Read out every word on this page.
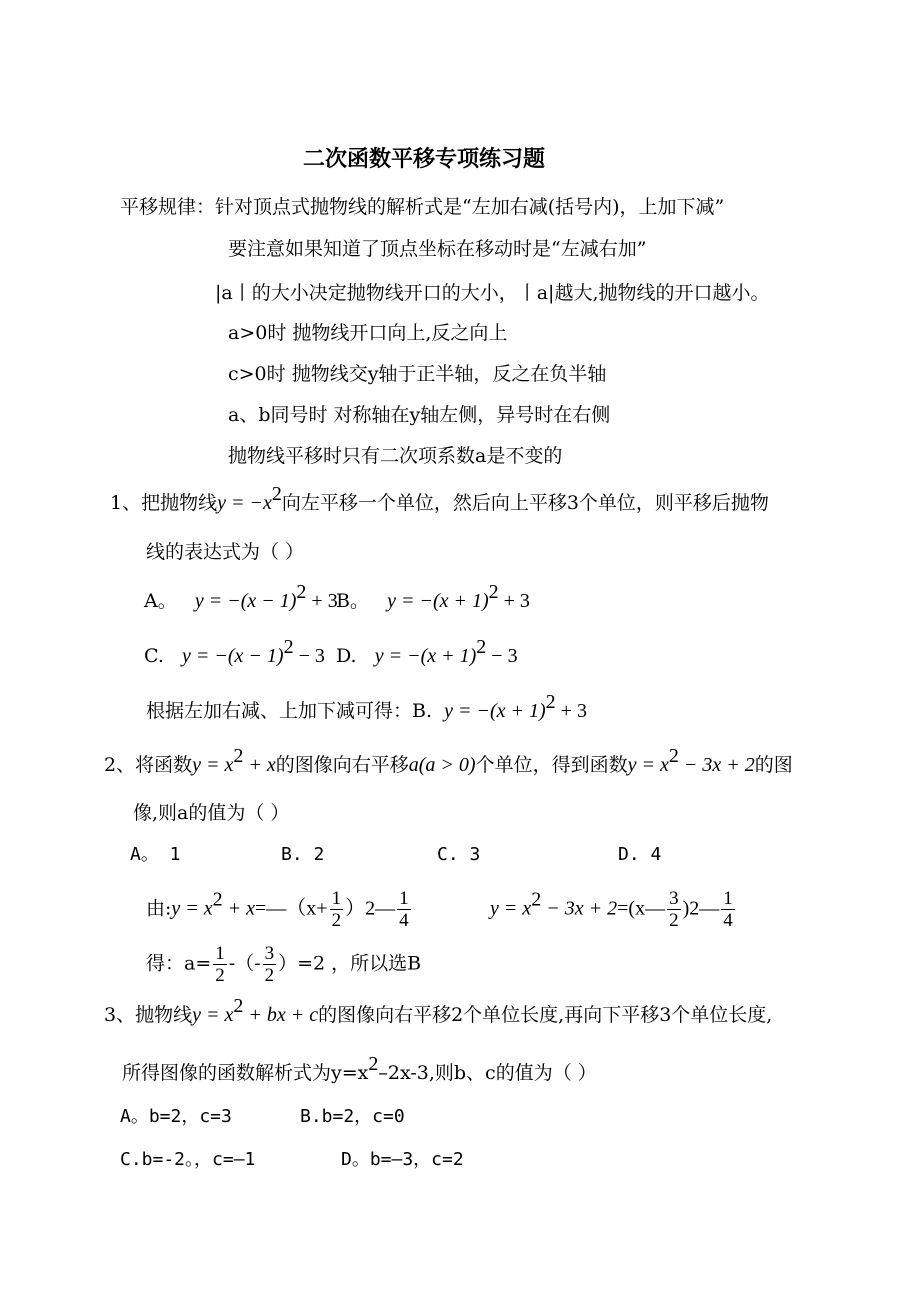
二次函数平移专项练习题
平移规律：针对顶点式抛物线的解析式是“左加右减(括号内)，上加下减”
要注意如果知道了顶点坐标在移动时是“左减右加”
|a丨的大小决定抛物线开口的大小，丨a|越大,抛物线的开口越小。
a>0时 抛物线开口向上,反之向上
c>0时 抛物线交y轴于正半轴，反之在负半轴
a、b同号时 对称轴在y轴左侧，异号时在右侧
抛物线平移时只有二次项系数a是不变的
1、把抛物线$y = -x^2$向左平移一个单位，然后向上平移3个单位，则平移后抛物
线的表达式为（ ）
A。 $y = -(x - 1)^2 + 3$
B。 $y = -(x + 1)^2 + 3$
C. $y = -(x - 1)^2 - 3$ D. $y = -(x + 1)^2 - 3$
根据左加右减、上加下减可得：B. $y = -(x + 1)^2 + 3$
2、将函数$y = x^2 + x$的图像向右平移a(a > 0)个单位，得到函数$y = x^2 - 3x + 2$的图
像,则a的值为（ ）
A。 1	B. 2	C. 3	D. 4
由:y = $x^2$ + x=—（x+ $\frac{1}{2}$ ）2— $\frac{1}{4}$	$y = x^2 - 3x$ + 2=(x— $\frac{3}{2}$ )2— $\frac{1}{4}$
得：$a= \frac{1}{2}$ -（- $\frac{3}{2} )=2$ ，所以选B
3、抛物线$y = x^2$ + bx + c的图像向右平移2个单位长度,再向下平移3个单位长度,
所得图像的函数解析式为$y=x^2-2x-3$,则b、c的值为（ ）
A。b=2，c=3	B.b=2，c=0
C.b=-2。，c=—1	D。b=—3，c=2
